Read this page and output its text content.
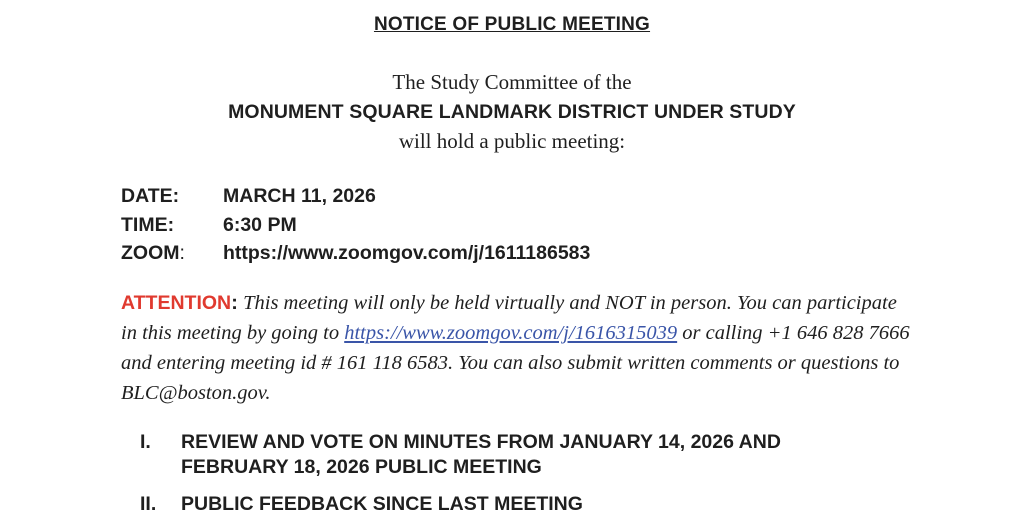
NOTICE OF PUBLIC MEETING
The Study Committee of the
MONUMENT SQUARE LANDMARK DISTRICT UNDER STUDY
will hold a public meeting:
DATE:	MARCH 11, 2026
TIME:	6:30 PM
ZOOM:	https://www.zoomgov.com/j/1611186583
ATTENTION: This meeting will only be held virtually and NOT in person. You can participate in this meeting by going to https://www.zoomgov.com/j/1616315039 or calling +1 646 828 7666 and entering meeting id # 161 118 6583. You can also submit written comments or questions to BLC@boston.gov.
I.	REVIEW AND VOTE ON MINUTES FROM JANUARY 14, 2026 AND FEBRUARY 18, 2026 PUBLIC MEETING
II.	PUBLIC FEEDBACK SINCE LAST MEETING
